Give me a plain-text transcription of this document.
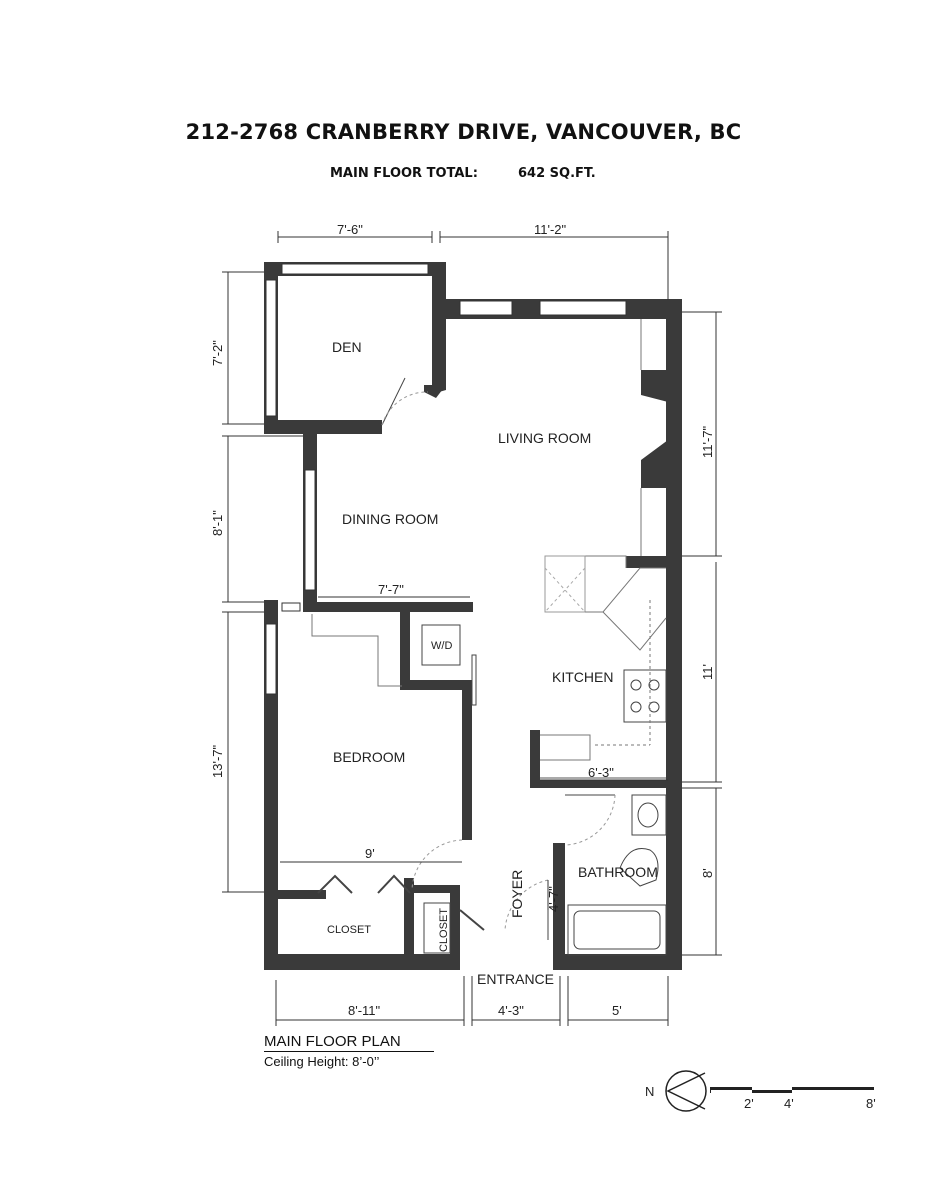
212-2768 CRANBERRY DRIVE, VANCOUVER, BC
MAIN FLOOR TOTAL:	642 SQ.FT.
DEN
LIVING ROOM
DINING ROOM
KITCHEN
BEDROOM
BATHROOM
CLOSET	CLOSET
FOYER
ENTRANCE
W/D
7'-6"	11'-2"
7'-2"
8'-1"
13'-7"
11'-7"
11'
8'
7'-7"
9'
6'-3"
4'-7"
8'-11"	4'-3"	5'
N
2' 4'	8'
MAIN FLOOR PLAN
Ceiling Height: 8’-0’’
